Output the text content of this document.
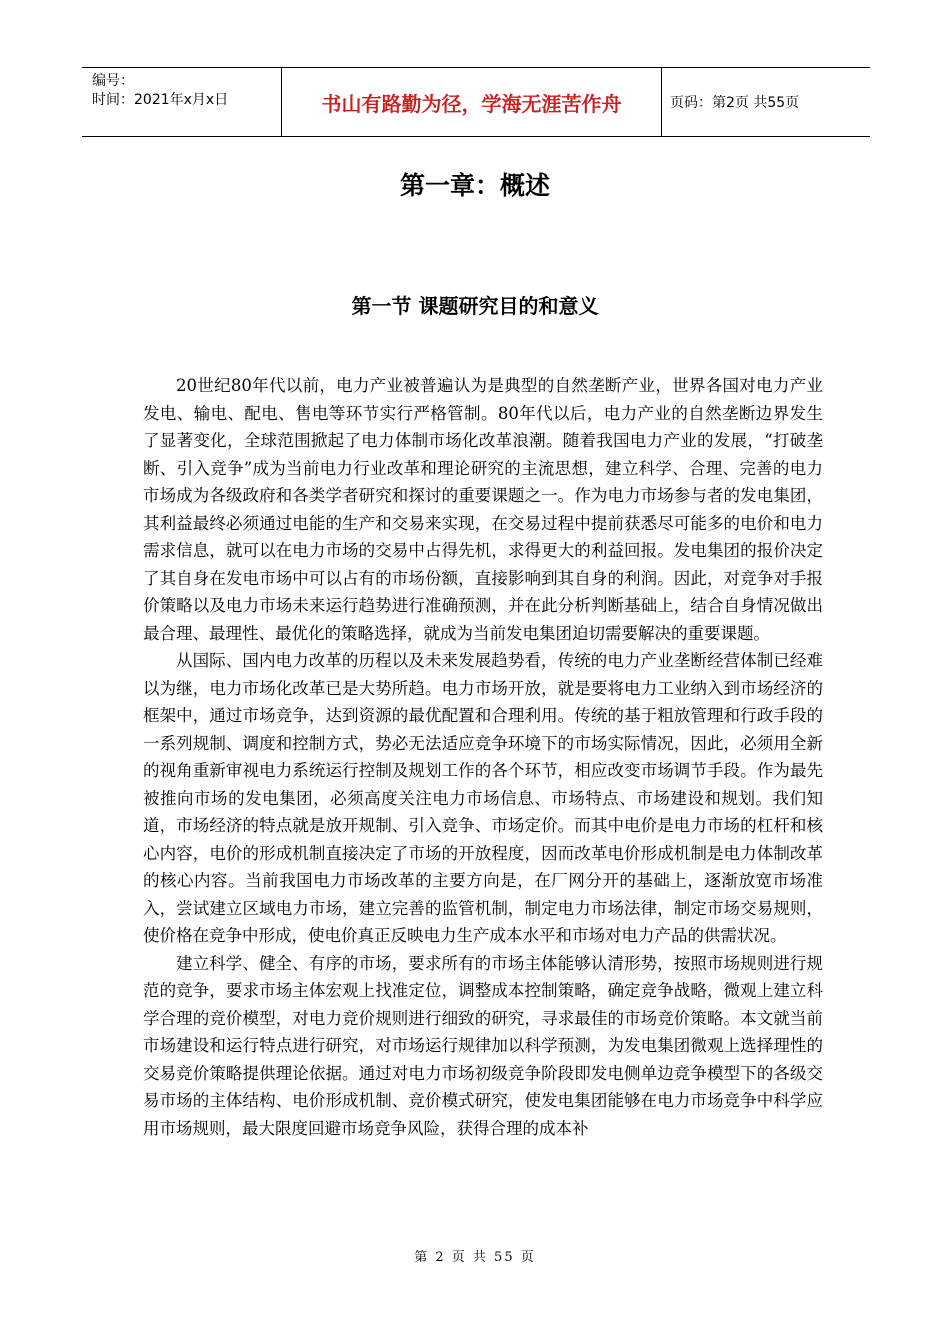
编号：
时间：2021年x月x日	书山有路勤为径，学海无涯苦作舟	页码：第2页 共55页
第一章：概述
第一节 课题研究目的和意义

20世纪80年代以前，电力产业被普遍认为是典型的自然垄断产业，世界各国对电力产业发电、输电、配电、售电等环节实行严格管制。80年代以后，电力产业的自然垄断边界发生了显著变化，全球范围掀起了电力体制市场化改革浪潮。随着我国电力产业的发展，“打破垄断、引入竞争”成为当前电力行业改革和理论研究的主流思想，建立科学、合理、完善的电力市场成为各级政府和各类学者研究和探讨的重要课题之一。作为电力市场参与者的发电集团，其利益最终必须通过电能的生产和交易来实现，在交易过程中提前获悉尽可能多的电价和电力需求信息，就可以在电力市场的交易中占得先机，求得更大的利益回报。发电集团的报价决定了其自身在发电市场中可以占有的市场份额，直接影响到其自身的利润。因此，对竞争对手报价策略以及电力市场未来运行趋势进行准确预测，并在此分析判断基础上，结合自身情况做出最合理、最理性、最优化的策略选择，就成为当前发电集团迫切需要解决的重要课题。

从国际、国内电力改革的历程以及未来发展趋势看，传统的电力产业垄断经营体制已经难以为继，电力市场化改革已是大势所趋。电力市场开放，就是要将电力工业纳入到市场经济的框架中，通过市场竞争，达到资源的最优配置和合理利用。传统的基于粗放管理和行政手段的一系列规制、调度和控制方式，势必无法适应竞争环境下的市场实际情况，因此，必须用全新的视角重新审视电力系统运行控制及规划工作的各个环节，相应改变市场调节手段。作为最先被推向市场的发电集团，必须高度关注电力市场信息、市场特点、市场建设和规划。我们知道，市场经济的特点就是放开规制、引入竞争、市场定价。而其中电价是电力市场的杠杆和核心内容，电价的形成机制直接决定了市场的开放程度，因而改革电价形成机制是电力体制改革的核心内容。当前我国电力市场改革的主要方向是，在厂网分开的基础上，逐渐放宽市场准入，尝试建立区域电力市场，建立完善的监管机制，制定电力市场法律，制定市场交易规则，使价格在竞争中形成，使电价真正反映电力生产成本水平和市场对电力产品的供需状况。

建立科学、健全、有序的市场，要求所有的市场主体能够认清形势，按照市场规则进行规范的竞争，要求市场主体宏观上找准定位，调整成本控制策略，确定竞争战略，微观上建立科学合理的竞价模型，对电力竞价规则进行细致的研究，寻求最佳的市场竞价策略。本文就当前市场建设和运行特点进行研究，对市场运行规律加以科学预测，为发电集团微观上选择理性的交易竞价策略提供理论依据。通过对电力市场初级竞争阶段即发电侧单边竞争模型下的各级交易市场的主体结构、电价形成机制、竞价模式研究，使发电集团能够在电力市场竞争中科学应用市场规则，最大限度回避市场竞争风险，获得合理的成本补

第 2 页 共 55 页
